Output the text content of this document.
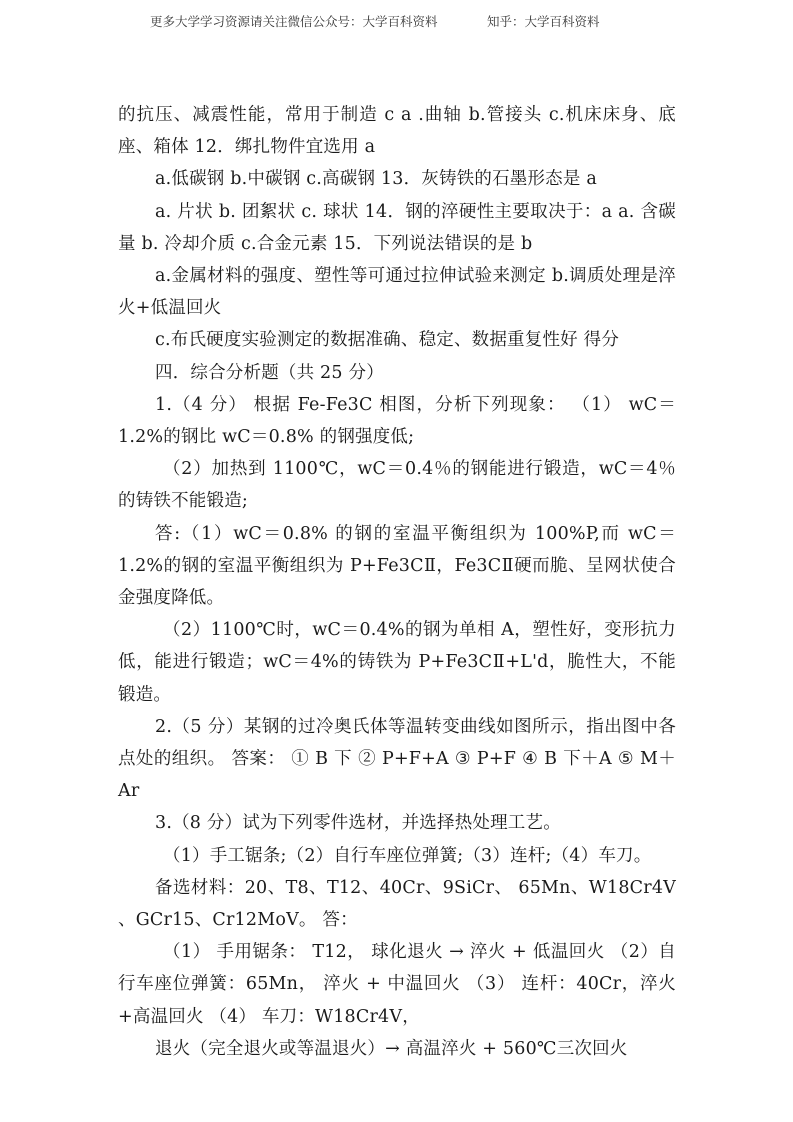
更多大学学习资源请关注微信公众号：大学百科资料	知乎：大学百科资料

的抗压、减震性能，常用于制造 c a .曲轴 b.管接头 c.机床床身、底座、箱体 12．绑扎物件宜选用 a

a.低碳钢 b.中碳钢 c.高碳钢 13．灰铸铁的石墨形态是 a

a. 片状 b. 团絮状 c. 球状 14．钢的淬硬性主要取决于：a a. 含碳量 b. 冷却介质 c.合金元素 15．下列说法错误的是 b

a.金属材料的强度、塑性等可通过拉伸试验来测定 b.调质处理是淬火+低温回火

c.布氏硬度实验测定的数据准确、稳定、数据重复性好 得分

四．综合分析题（共 25 分）

1.（4 分） 根据 Fe-Fe3C 相图，分析下列现象： （1） wC＝1.2%的钢比 wC＝0.8% 的钢强度低;

（2）加热到 1100℃，wC＝0.4％的钢能进行锻造，wC＝4％的铸铁不能锻造;

答:（1）wC＝0.8% 的钢的室温平衡组织为 100%P,而 wC＝1.2%的钢的室温平衡组织为 P+Fe3CⅡ，Fe3CⅡ硬而脆、呈网状使合金强度降低。

（2）1100℃时，wC＝0.4%的钢为单相 A，塑性好，变形抗力低，能进行锻造；wC＝4%的铸铁为 P+Fe3CⅡ+L'd，脆性大，不能锻造。

2.（5 分）某钢的过冷奥氏体等温转变曲线如图所示，指出图中各点处的组织。 答案： ① B 下 ② P+F+A ③ P+F ④ B 下＋A ⑤ M＋Ar

3.（8 分）试为下列零件选材，并选择热处理工艺。

（1）手工锯条;（2）自行车座位弹簧;（3）连杆;（4）车刀。

备选材料：20、T8、T12、40Cr、9SiCr、 65Mn、W18Cr4V 、GCr15、Cr12MoV。 答：

（1） 手用锯条： T12， 球化退火 → 淬火 + 低温回火 （2）自行车座位弹簧：65Mn， 淬火 + 中温回火 （3） 连杆：40Cr，淬火+高温回火 （4） 车刀：W18Cr4V，

退火（完全退火或等温退火）→ 高温淬火 + 560℃三次回火
